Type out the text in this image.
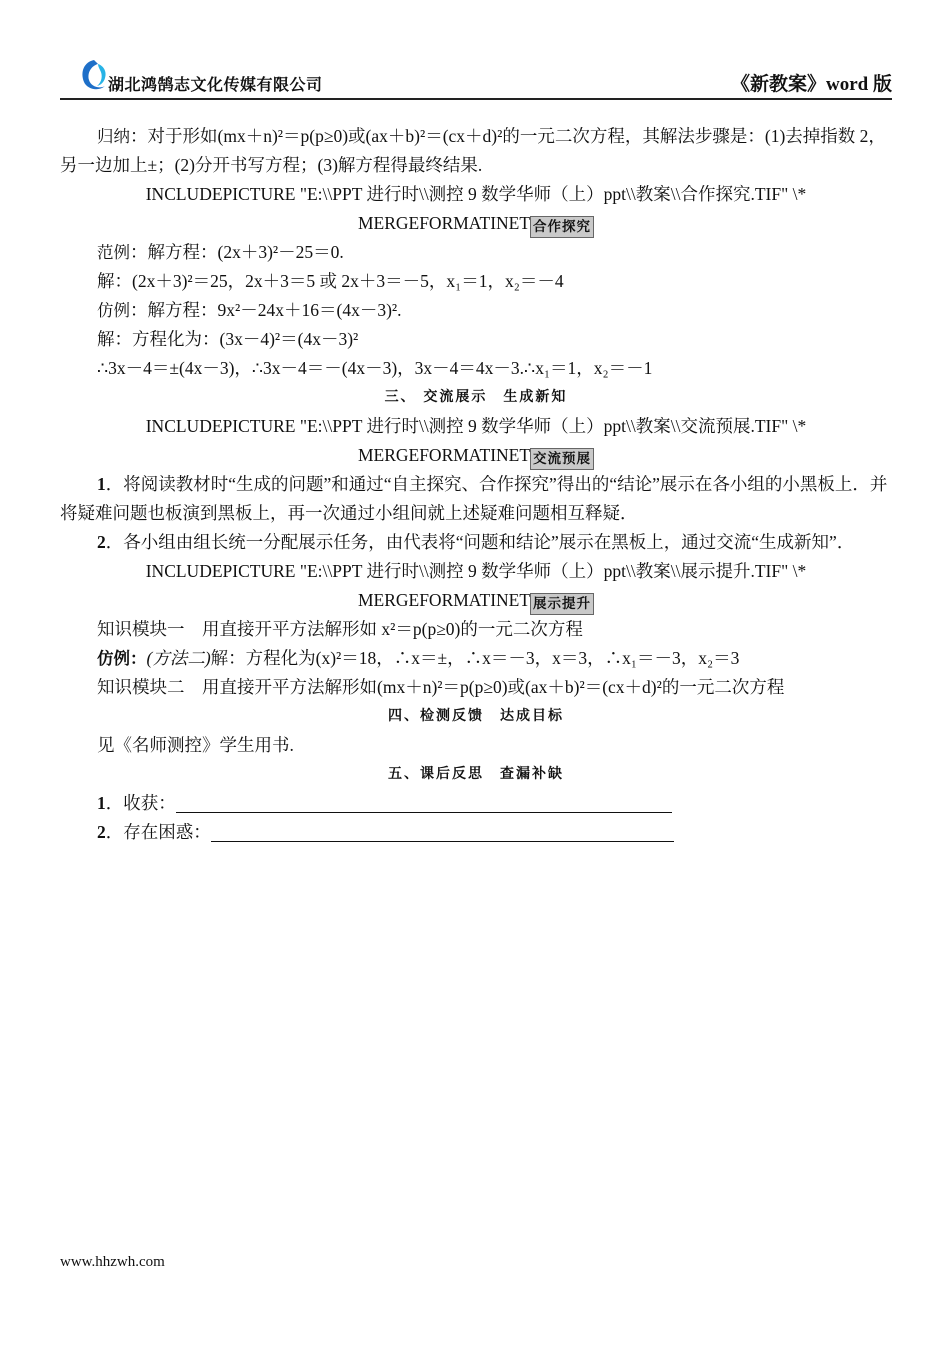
湖北鸿鹄志文化传媒有限公司	《新教案》word 版

归纳：对于形如(mx＋n)²＝p(p≥0)或(ax＋b)²＝(cx＋d)²的一元二次方程，其解法步骤是：(1)去掉指数 2，另一边加上±；(2)分开书写方程；(3)解方程得最终结果.

INCLUDEPICTURE "E:\\PPT 进行时\\测控 9 数学华师（上）ppt\\教案\\合作探究.TIF" \*

MERGEFORMATINET 合作探究

范例：解方程：(2x＋3)²－25＝0.

解：(2x＋3)²＝25，2x＋3＝5 或 2x＋3＝－5，x₁＝1，x₂＝－4

仿例：解方程：9x²－24x＋16＝(4x－3)².

解：方程化为：(3x－4)²＝(4x－3)²

∴3x－4＝±(4x－3)，∴3x－4＝－(4x－3)，3x－4＝4x－3.∴x₁＝1，x₂＝－1

三、 交流展示　生成新知

INCLUDEPICTURE "E:\\PPT 进行时\\测控 9 数学华师（上）ppt\\教案\\交流预展.TIF" \*

MERGEFORMATINET 交流预展

1．将阅读教材时“生成的问题”和通过“自主探究、合作探究”得出的“结论”展示在各小组的小黑板上．并将疑难问题也板演到黑板上，再一次通过小组间就上述疑难问题相互释疑．

2．各小组由组长统一分配展示任务，由代表将“问题和结论”展示在黑板上，通过交流“生成新知”．

INCLUDEPICTURE "E:\\PPT 进行时\\测控 9 数学华师（上）ppt\\教案\\展示提升.TIF" \*

MERGEFORMATINET 展示提升

知识模块一　用直接开平方法解形如 x²＝p(p≥0)的一元二次方程

仿例：(方法二)解：方程化为(x)²＝18，∴x＝±，∴x＝－3，x＝3，∴x₁＝－3，x₂＝3

知识模块二　用直接开平方法解形如(mx＋n)²＝p(p≥0)或(ax＋b)²＝(cx＋d)²的一元二次方程

四、检测反馈　达成目标

见《名师测控》学生用书.

五、课后反思　查漏补缺

1．收获：

2．存在困惑：

www.hhzwh.com
